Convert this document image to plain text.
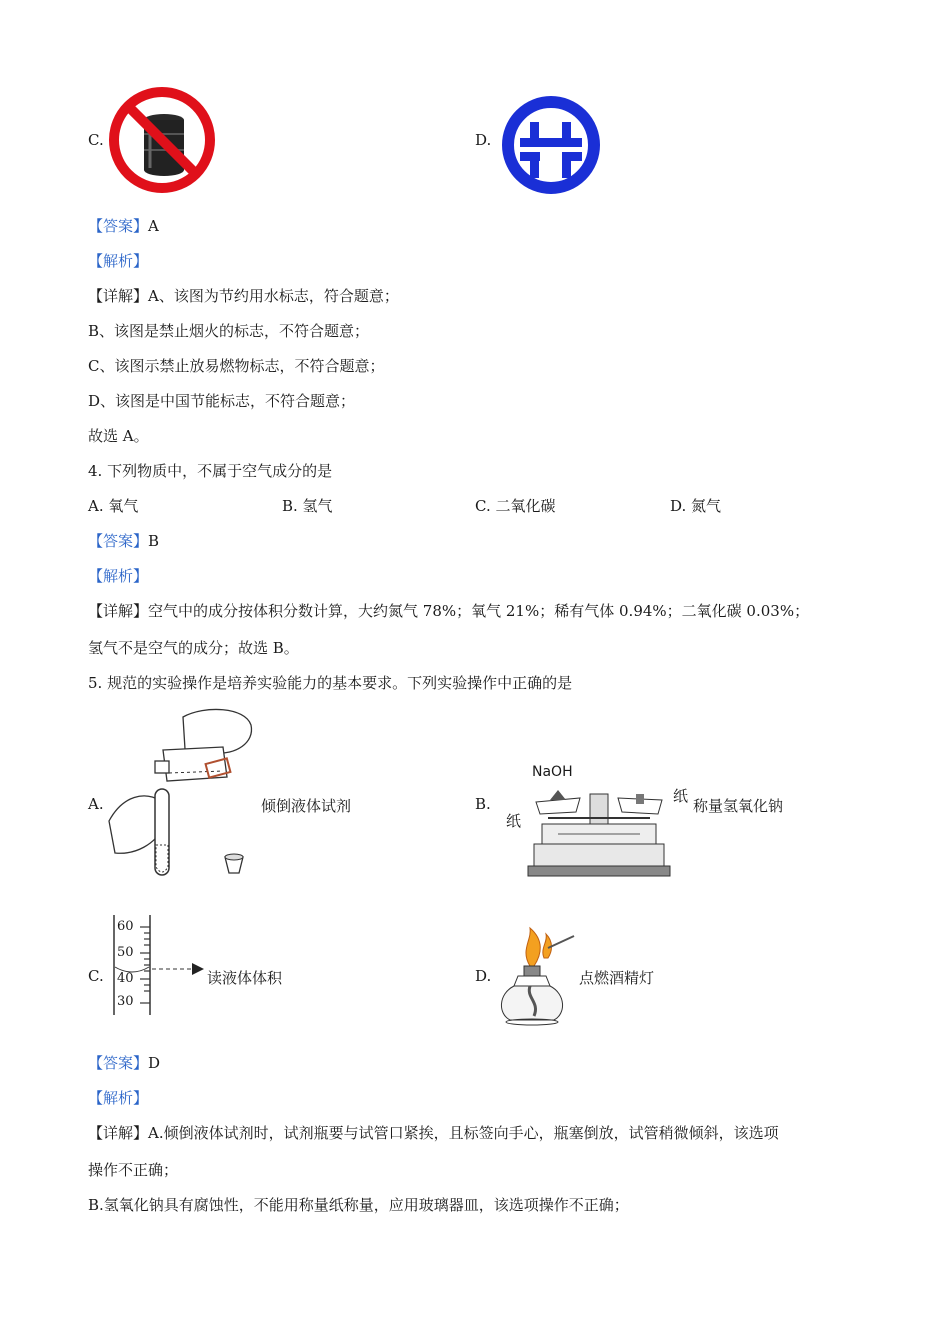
C.	D.
【答案】A
【解析】
【详解】A、该图为节约用水标志，符合题意；
B、该图是禁止烟火的标志，不符合题意；
C、该图示禁止放易燃物标志，不符合题意；
D、该图是中国节能标志，不符合题意；
故选 A。
4. 下列物质中，不属于空气成分的是
A. 氧气	B. 氢气	C. 二氧化碳	D. 氮气
【答案】B
【解析】
【详解】空气中的成分按体积分数计算，大约氮气 78%；氧气 21%；稀有气体 0.94%；二氧化碳 0.03%；
氢气不是空气的成分；故选 B。
5. 规范的实验操作是培养实验能力的基本要求。下列实验操作中正确的是
A.	倾倒液体试剂	B.
NaOH
纸
纸
称量氢氧化钠
C.
60
50
40
30
读液体体积	D.	点燃酒精灯
【答案】D
【解析】
【详解】A.倾倒液体试剂时，试剂瓶要与试管口紧挨，且标签向手心，瓶塞倒放，试管稍微倾斜，该选项
操作不正确；
B.氢氧化钠具有腐蚀性，不能用称量纸称量，应用玻璃器皿，该选项操作不正确；
